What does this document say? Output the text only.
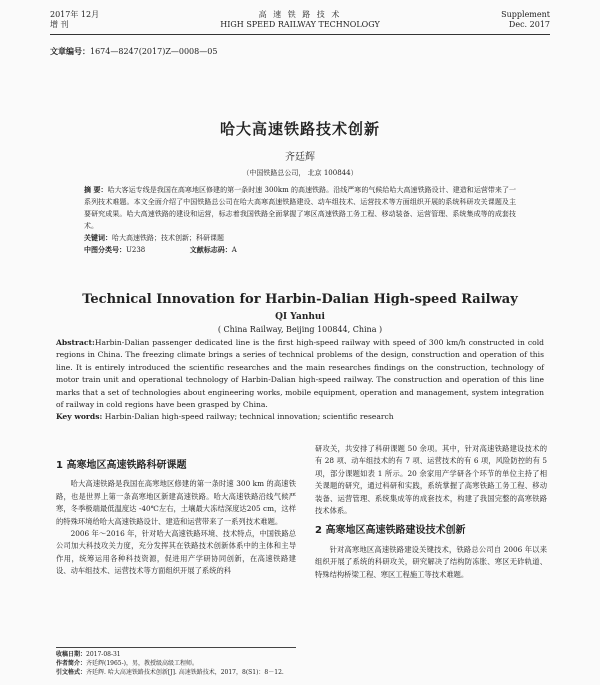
2017年 12月
增 刊
高 速 铁 路 技 术
HIGH SPEED RAILWAY TECHNOLOGY
Supplement
Dec. 2017
文章编号：1674—8247(2017)Z—0008—05
哈大高速铁路技术创新
齐廷辉
（中国铁路总公司， 北京 100844）
摘 要：哈大客运专线是我国在高寒地区修建的第一条时速 300km 的高速铁路。沿线严寒的气候给哈大高速铁路设计、建造和运营带来了一系列技术难题。本文全面介绍了中国铁路总公司在哈大高寒高速铁路建设、动车组技术、运营技术等方面组织开展的系统科研攻关课题及主要研究成果。哈大高速铁路的建设和运营，标志着我国铁路全面掌握了寒区高速铁路工务工程、移动装备、运营管理、系统集成等的成套技术。
关键词：哈大高速铁路；技术创新；科研课题
中图分类号：U238	文献标志码：A
Technical Innovation for Harbin-Dalian High-speed Railway
QI Yanhui
( China Railway, Beijing 100844, China )
Abstract:Harbin-Dalian passenger dedicated line is the first high-speed railway with speed of 300 km/h constructed in cold regions in China. The freezing climate brings a series of technical problems of the design, construction and operation of this line. It is entirely introduced the scientific researches and the main researches findings on the construction, technology of motor train unit and operational technology of Harbin-Dalian high-speed railway. The construction and operation of this line marks that a set of technologies about engineering works, mobile equipment, operation and management, system integration of railway in cold regions have been grasped by China.
Key words: Harbin-Dalian high-speed railway; technical innovation; scientific research
1 高寒地区高速铁路科研课题

哈大高速铁路是我国在高寒地区修建的第一条时速 300 km 的高速铁路，也是世界上第一条高寒地区新建高速铁路。哈大高速铁路沿线气候严寒，冬季极端最低温度达 -40℃左右，土壤最大冻结深度达205 cm，这样的特殊环境给哈大高速铁路设计、建造和运营带来了一系列技术难题。

2006 年～2016 年，针对哈大高速铁路环境、技术特点，中国铁路总公司加大科技攻关力度，充分发挥其在铁路技术创新体系中的主体和主导作用，统筹运用各种科技资源，促进用产学研协同创新，在高速铁路建设、动车组技术、运营技术等方面组织开展了系统的科

研攻关，共安排了科研课题 50 余项。其中，针对高速铁路建设技术的有 28 项、动车组技术的有 7 项、运营技术的有 6 项，风险防控的有 5 项，部分课题如表 1 所示。20 余家用产学研各个环节的单位主持了相关课题的研究，通过科研和实践，系统掌握了高寒铁路工务工程、移动装备、运营管理、系统集成等的成套技术，构建了我国完整的高寒铁路技术体系。

2 高寒地区高速铁路建设技术创新

针对高寒地区高速铁路建设关键技术，铁路总公司自 2006 年以来组织开展了系统的科研攻关，研究解决了结构防冻胀、寒区无砟轨道、特殊结构桥梁工程、寒区工程施工等技术难题。

收稿日期：2017-08-31
作者简介：齐廷辉(1965-)，男，教授级高级工程师。
引文格式：齐廷辉. 哈大高速铁路技术创新[J]. 高速铁路技术，2017，8(S1)：8－12.
